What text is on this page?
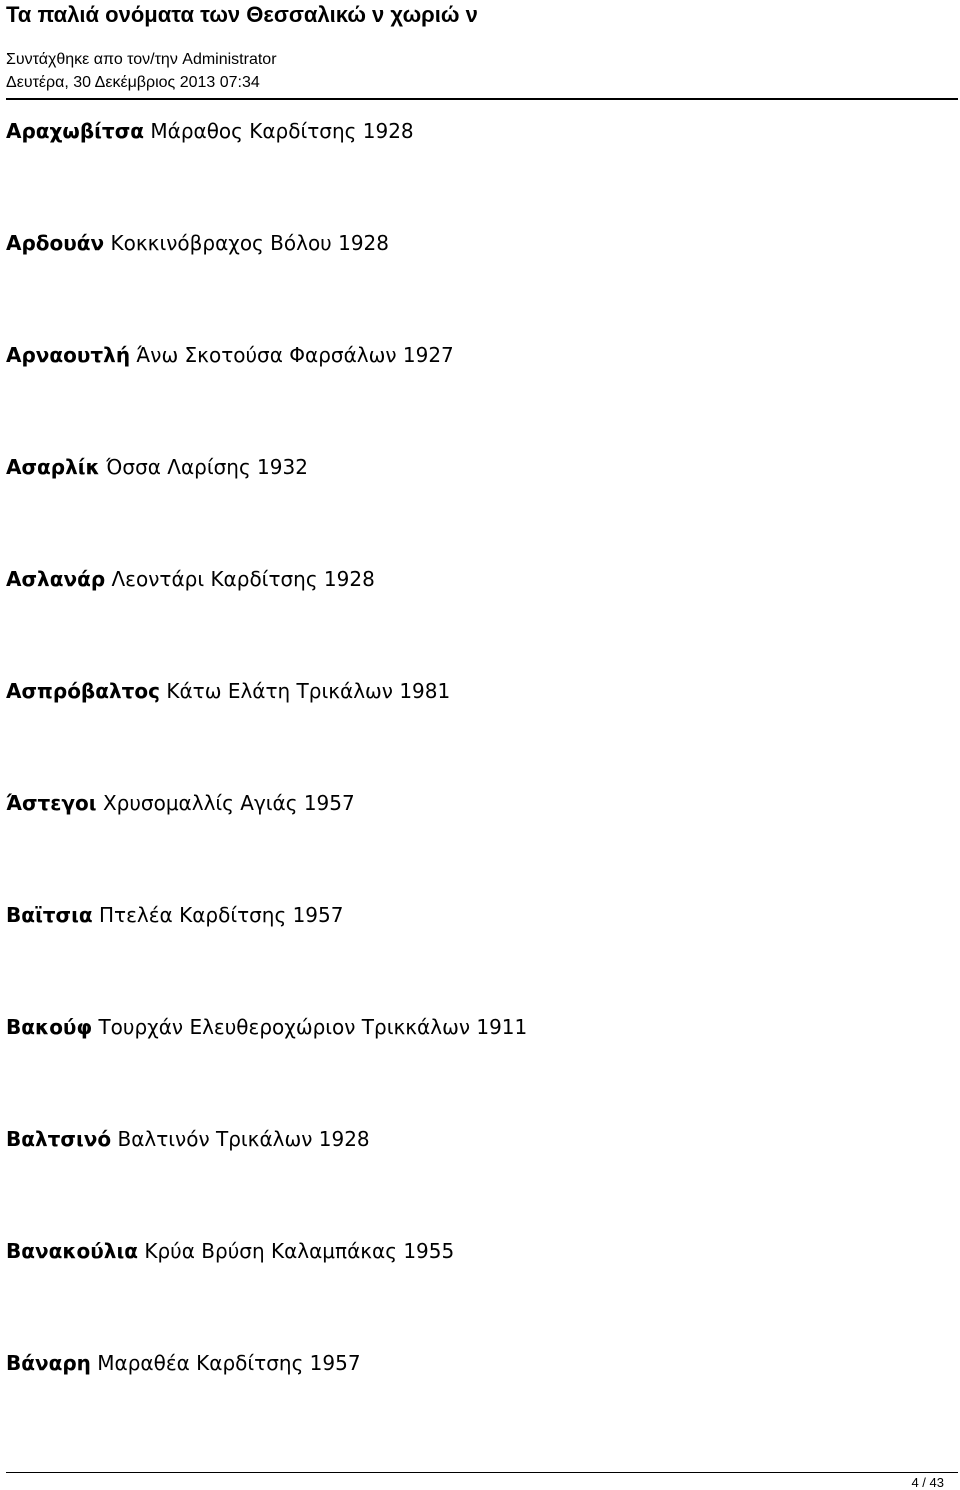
Τα παλιά ονόματα των Θεσσαλικώ ν χωριώ ν
Συντάχθηκε απο τον/την Administrator
Δευτέρα, 30 Δεκέμβριος 2013 07:34
Αραχωβίτσα Μάραθος Καρδίτσης 1928
Αρδουάν Κοκκινόβραχος Βόλου 1928
Αρναουτλή Άνω Σκοτούσα Φαρσάλων 1927
Ασαρλίκ Όσσα Λαρίσης 1932
Ασλανάρ Λεοντάρι Καρδίτσης 1928
Ασπρόβαλτος Κάτω Ελάτη Τρικάλων 1981
Άστεγοι Χρυσομαλλίς Αγιάς 1957
Βαϊτσια Πτελέα Καρδίτσης 1957
Βακούφ Τουρχάν Ελευθεροχώριον Τρικκάλων 1911
Βαλτσινό Βαλτινόν Τρικάλων 1928
Βανακούλια Κρύα Βρύση Καλαμπάκας 1955
Βάναρη Μαραθέα Καρδίτσης 1957
4 / 43
